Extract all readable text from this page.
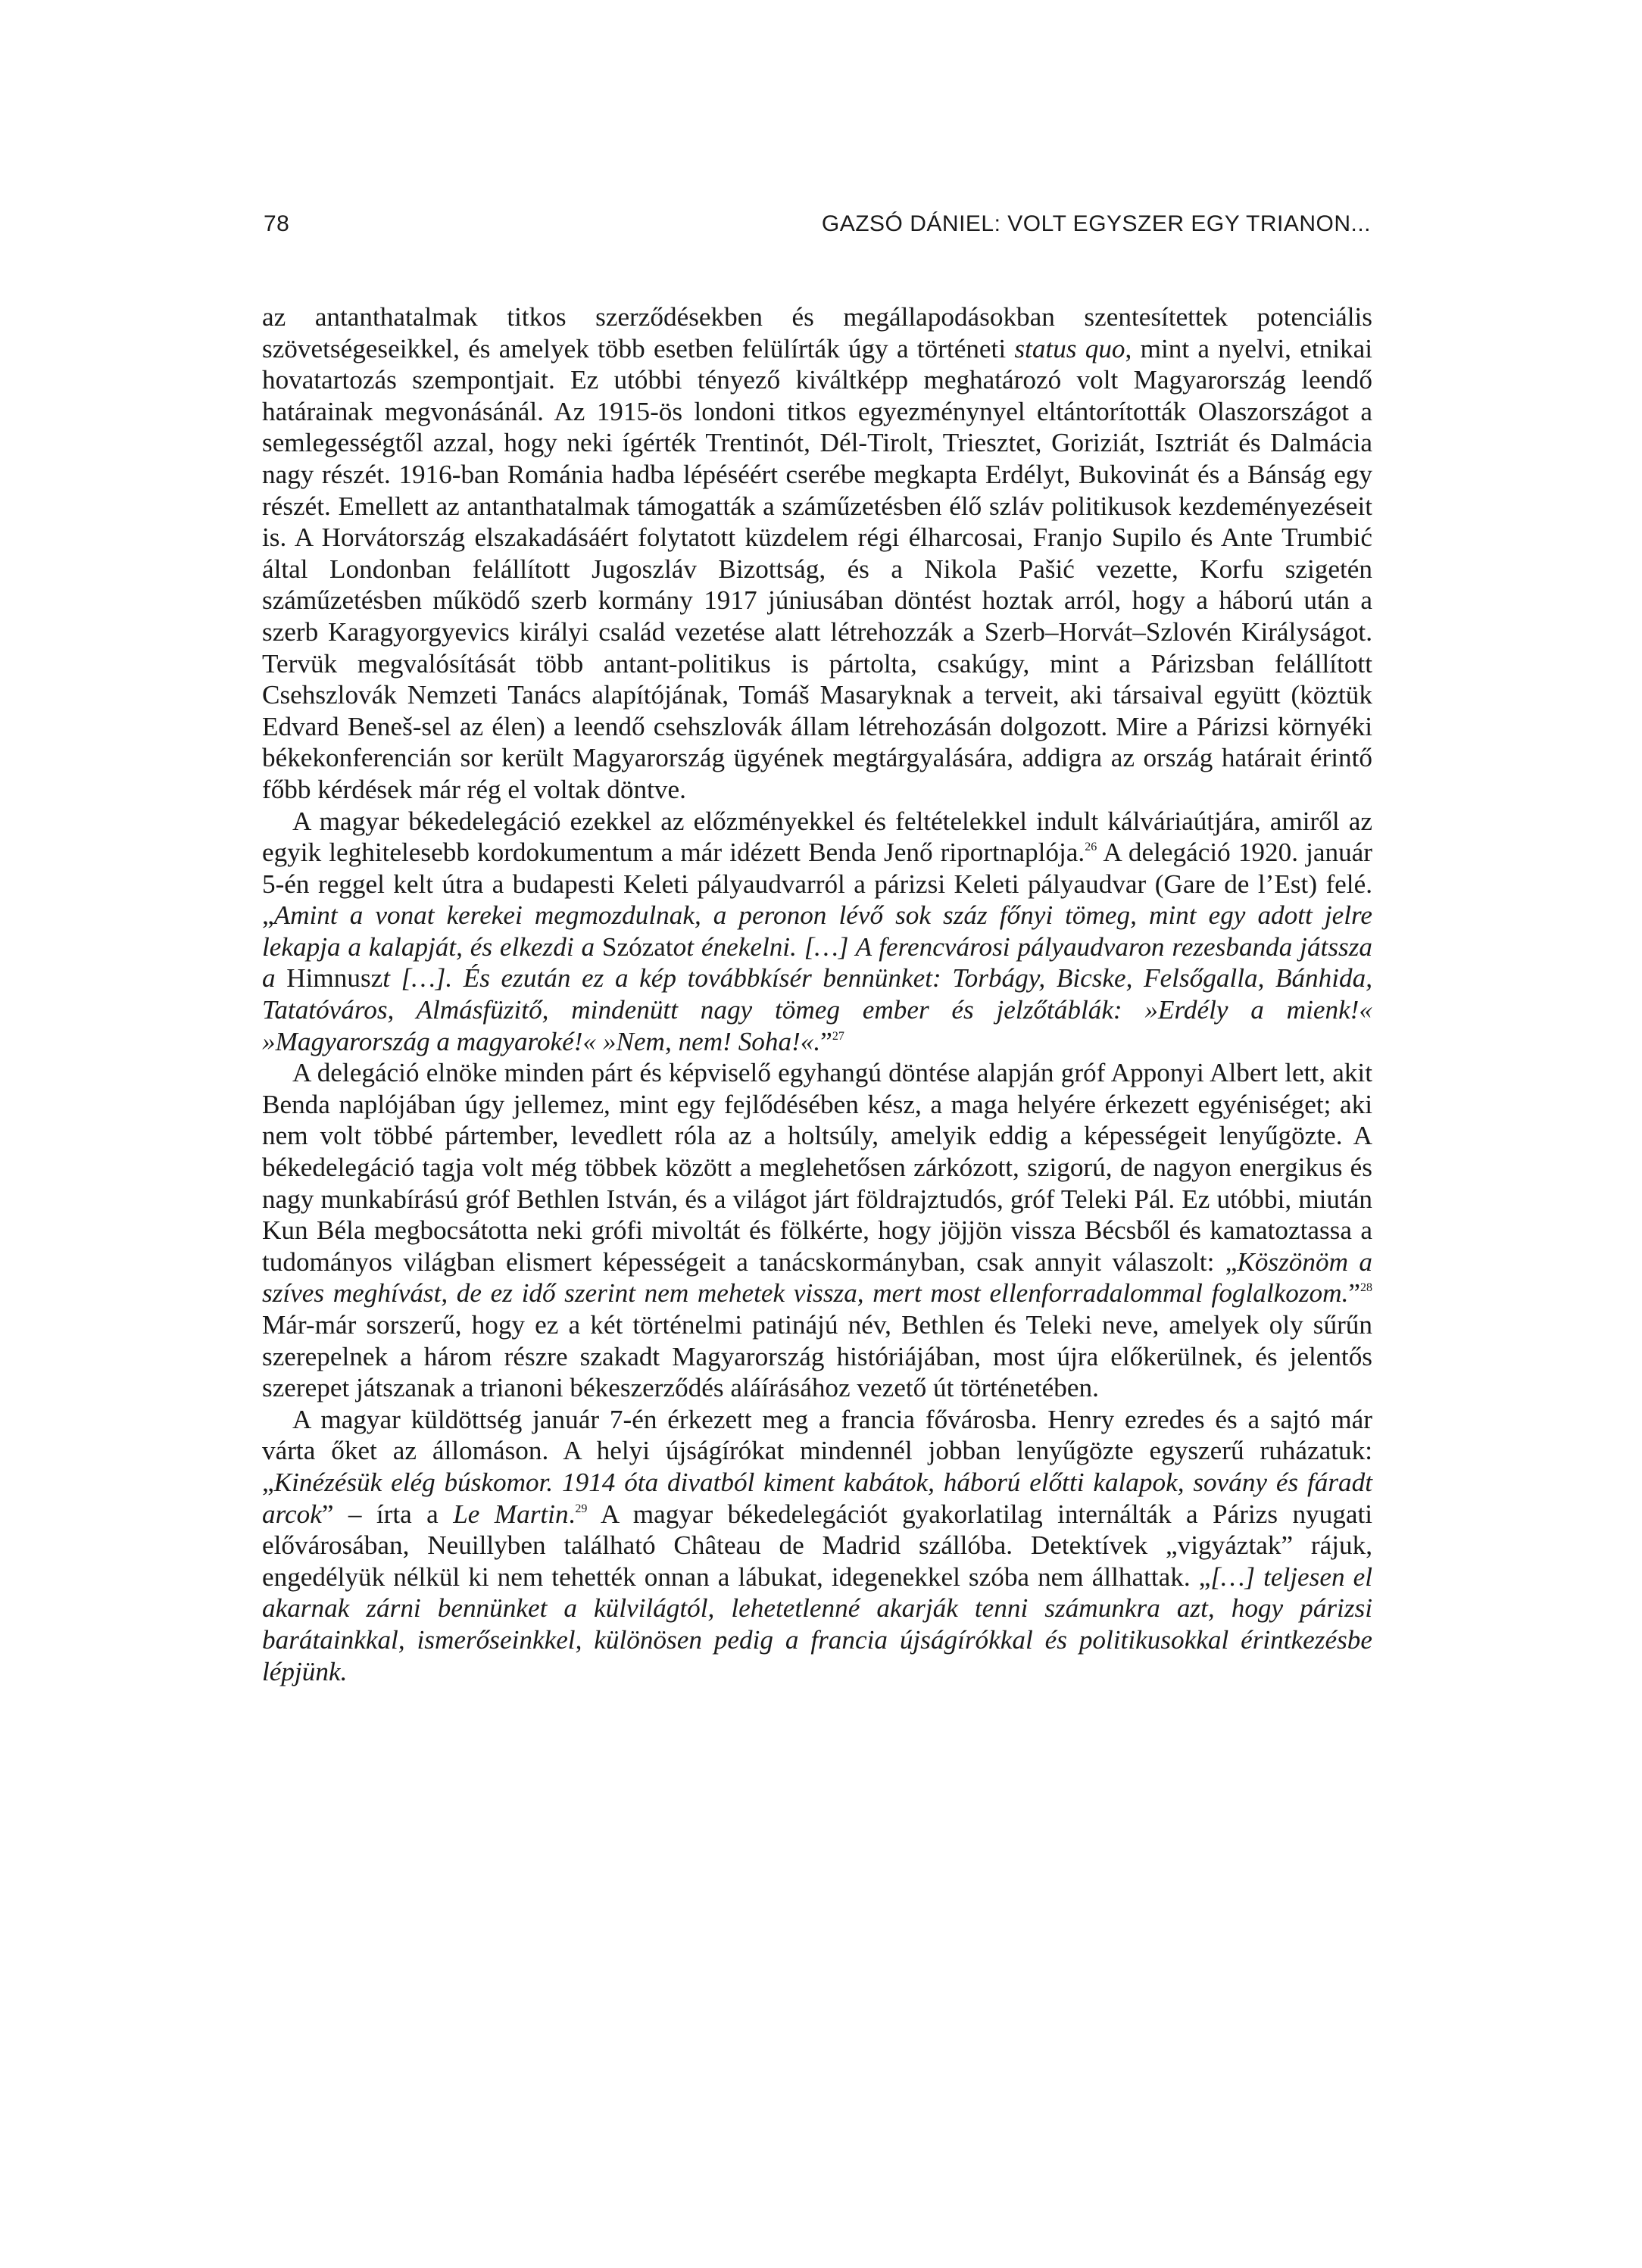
78	GAZSÓ DÁNIEL: VOLT EGYSZER EGY TRIANON...

az antanthatalmak titkos szerződésekben és megállapodásokban szentesítettek potenciális szövetségeseikkel, és amelyek több esetben felülírták úgy a történeti status quo, mint a nyelvi, etnikai hovatartozás szempontjait. Ez utóbbi tényező kiváltképp meghatározó volt Magyarország leendő határainak megvonásánál. Az 1915-ös londoni titkos egyezménynyel eltántorították Olaszországot a semlegességtől azzal, hogy neki ígérték Trentinót, Dél-Tirolt, Triesztet, Goriziát, Isztriát és Dalmácia nagy részét. 1916-ban Románia hadba lépéséért cserébe megkapta Erdélyt, Bukovinát és a Bánság egy részét. Emellett az antanthatalmak támogatták a száműzetésben élő szláv politikusok kezdeményezéseit is. A Horvátország elszakadásáért folytatott küzdelem régi élharcosai, Franjo Supilo és Ante Trumbić által Londonban felállított Jugoszláv Bizottság, és a Nikola Pašić vezette, Korfu szigetén száműzetésben működő szerb kormány 1917 júniusában döntést hoztak arról, hogy a háború után a szerb Karagyorgyevics királyi család vezetése alatt létrehozzák a Szerb–Horvát–Szlovén Királyságot. Tervük megvalósítását több antant-politikus is pártolta, csakúgy, mint a Párizsban felállított Csehszlovák Nemzeti Tanács alapítójának, Tomáš Masaryknak a terveit, aki társaival együtt (köztük Edvard Beneš-sel az élen) a leendő csehszlovák állam létrehozásán dolgozott. Mire a Párizsi környéki békekonferencián sor került Magyarország ügyének megtárgyalására, addigra az ország határait érintő főbb kérdések már rég el voltak döntve.

A magyar békedelegáció ezekkel az előzményekkel és feltételekkel indult kálváriaútjára, amiről az egyik leghitelesebb kordokumentum a már idézett Benda Jenő riportnaplója.$^{26}$ A delegáció 1920. január 5-én reggel kelt útra a budapesti Keleti pályaudvarról a párizsi Keleti pályaudvar (Gare de l’Est) felé. „Amint a vonat kerekei megmozdulnak, a peronon lévő sok száz főnyi tömeg, mint egy adott jelre lekapja a kalapját, és elkezdi a Szózatot énekelni. […] A ferencvárosi pályaudvaron rezesbanda játssza a Himnuszt […]. És ezután ez a kép továbbkísér bennünket: Torbágy, Bicske, Felsőgalla, Bánhida, Tatatóváros, Almásfüzitő, mindenütt nagy tömeg ember és jelzőtáblák: »Erdély a mienk!« »Magyarország a magyaroké!« »Nem, nem! Soha!«.”$^{27}$

A delegáció elnöke minden párt és képviselő egyhangú döntése alapján gróf Apponyi Albert lett, akit Benda naplójában úgy jellemez, mint egy fejlődésében kész, a maga helyére érkezett egyéniséget; aki nem volt többé pártember, levedlett róla az a holtsúly, amelyik eddig a képességeit lenyűgözte. A békedelegáció tagja volt még többek között a meglehetősen zárkózott, szigorú, de nagyon energikus és nagy munkabírású gróf Bethlen István, és a világot járt földrajztudós, gróf Teleki Pál. Ez utóbbi, miután Kun Béla megbocsátotta neki grófi mivoltát és fölkérte, hogy jöjjön vissza Bécsből és kamatoztassa a tudományos világban elismert képességeit a tanácskormányban, csak annyit válaszolt: „Köszönöm a szíves meghívást, de ez idő szerint nem mehetek vissza, mert most ellenforradalommal foglalkozom.”$^{28}$ Már-már sorszerű, hogy ez a két történelmi patinájú név, Bethlen és Teleki neve, amelyek oly sűrűn szerepelnek a három részre szakadt Magyarország históriájában, most újra előkerülnek, és jelentős szerepet játszanak a trianoni békeszerződés aláírásához vezető út történetében.

A magyar küldöttség január 7-én érkezett meg a francia fővárosba. Henry ezredes és a sajtó már várta őket az állomáson. A helyi újságírókat mindennél jobban lenyűgözte egyszerű ruházatuk: „Kinézésük elég búskomor. 1914 óta divatból kiment kabátok, háború előtti kalapok, sovány és fáradt arcok” – írta a Le Martin.$^{29}$ A magyar békedelegációt gyakorlatilag internálták a Párizs nyugati elővárosában, Neuillyben található Château de Madrid szállóba. Detektívek „vigyáztak” rájuk, engedélyük nélkül ki nem tehették onnan a lábukat, idegenekkel szóba nem állhattak. „[…] teljesen el akarnak zárni bennünket a külvilágtól, lehetetlenné akarják tenni számunkra azt, hogy párizsi barátainkkal, ismerőseinkkel, különösen pedig a francia újságírókkal és politikusokkal érintkezésbe lépjünk.
